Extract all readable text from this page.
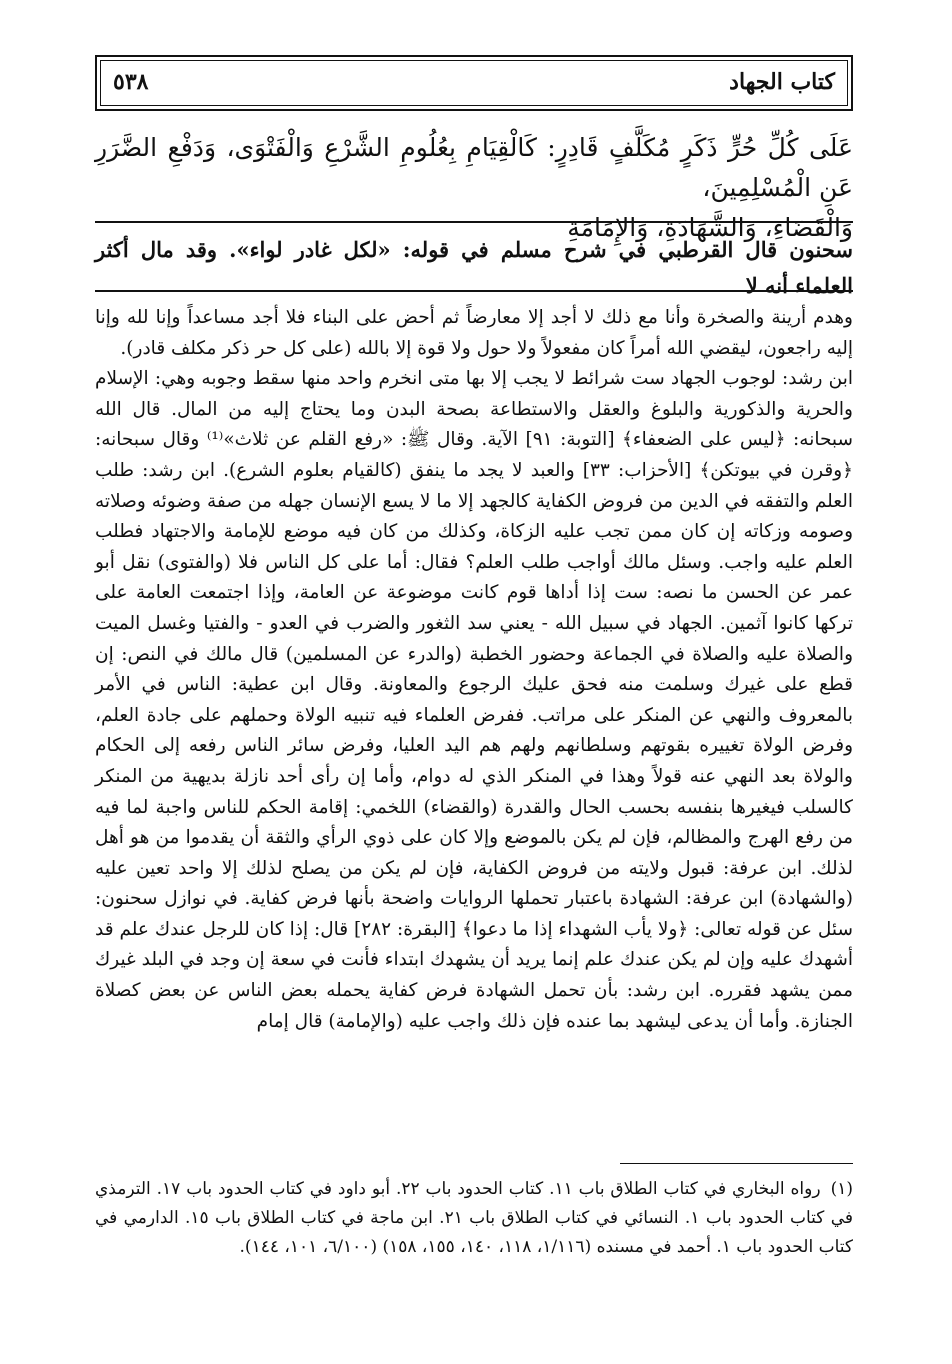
كتاب الجهاد
٥٣٨

عَلَى كُلِّ حُرٍّ ذَكَرٍ مُكَلَّفٍ قَادِرٍ: كَالْقِيَامِ بِعُلُومِ الشَّرْعِ وَالْفَتْوَى، وَدَفْعِ الضَّرَرِ عَنِ الْمُسْلِمِينَ،

وَالْقَضَاءِ، وَالشَّهَادَةِ، وَالإِمَامَةِ

سحنون قال القرطبي في شرح مسلم في قوله: «لكل غادر لواء». وقد مال أكثر العلماء أنه لا

وهدم أرينة والصخرة وأنا مع ذلك لا أجد إلا معارضاً ثم أحض على البناء فلا أجد مساعداً وإنا لله وإنا إليه راجعون، ليقضي الله أمراً كان مفعولاً ولا حول ولا قوة إلا بالله (على كل حر ذكر مكلف قادر).

ابن رشد: لوجوب الجهاد ست شرائط لا يجب إلا بها متى انخرم واحد منها سقط وجوبه وهي: الإسلام والحرية والذكورية والبلوغ والعقل والاستطاعة بصحة البدن وما يحتاج إليه من المال. قال الله سبحانه: ﴿ليس على الضعفاء﴾ [التوبة: ٩١] الآية. وقال ﷺ: «رفع القلم عن ثلاث»⁽¹⁾ وقال سبحانه: ﴿وقرن في بيوتكن﴾ [الأحزاب: ٣٣] والعبد لا يجد ما ينفق (كالقيام بعلوم الشرع). ابن رشد: طلب العلم والتفقه في الدين من فروض الكفاية كالجهد إلا ما لا يسع الإنسان جهله من صفة وضوئه وصلاته وصومه وزكاته إن كان ممن تجب عليه الزكاة، وكذلك من كان فيه موضع للإمامة والاجتهاد فطلب العلم عليه واجب. وسئل مالك أواجب طلب العلم؟ فقال: أما على كل الناس فلا (والفتوى) نقل أبو عمر عن الحسن ما نصه: ست إذا أداها قوم كانت موضوعة عن العامة، وإذا اجتمعت العامة على تركها كانوا آثمين. الجهاد في سبيل الله - يعني سد الثغور والضرب في العدو - والفتيا وغسل الميت والصلاة عليه والصلاة في الجماعة وحضور الخطبة (والدرء عن المسلمين) قال مالك في النص: إن قطع على غيرك وسلمت منه فحق عليك الرجوع والمعاونة. وقال ابن عطية: الناس في الأمر بالمعروف والنهي عن المنكر على مراتب. ففرض العلماء فيه تنبيه الولاة وحملهم على جادة العلم، وفرض الولاة تغييره بقوتهم وسلطانهم ولهم هم اليد العليا، وفرض سائر الناس رفعه إلى الحكام والولاة بعد النهي عنه قولاً وهذا في المنكر الذي له دوام، وأما إن رأى أحد نازلة بديهية من المنكر كالسلب فيغيرها بنفسه بحسب الحال والقدرة (والقضاء) اللخمي: إقامة الحكم للناس واجبة لما فيه من رفع الهرج والمظالم، فإن لم يكن بالموضع وإلا كان على ذوي الرأي والثقة أن يقدموا من هو أهل لذلك. ابن عرفة: قبول ولايته من فروض الكفاية، فإن لم يكن من يصلح لذلك إلا واحد تعين عليه (والشهادة) ابن عرفة: الشهادة باعتبار تحملها الروايات واضحة بأنها فرض كفاية. في نوازل سحنون: سئل عن قوله تعالى: ﴿ولا يأب الشهداء إذا ما دعوا﴾ [البقرة: ٢٨٢] قال: إذا كان للرجل عندك علم قد أشهدك عليه وإن لم يكن عندك علم إنما يريد أن يشهدك ابتداء فأنت في سعة إن وجد في البلد غيرك ممن يشهد فقرره. ابن رشد: بأن تحمل الشهادة فرض كفاية يحمله بعض الناس عن بعض كصلاة الجنازة. وأما أن يدعى ليشهد بما عنده فإن ذلك واجب عليه (والإمامة) قال إمام

(١)
رواه البخاري في كتاب الطلاق باب ١١. كتاب الحدود باب ٢٢. أبو داود في كتاب الحدود باب ١٧. الترمذي في كتاب الحدود باب ١. النسائي في كتاب الطلاق باب ٢١. ابن ماجة في كتاب الطلاق باب ١٥. الدارمي في كتاب الحدود باب ١. أحمد في مسنده (١/١١٦، ١١٨، ١٤٠، ١٥٥، ١٥٨) (٦/١٠٠، ١٠١، ١٤٤).
